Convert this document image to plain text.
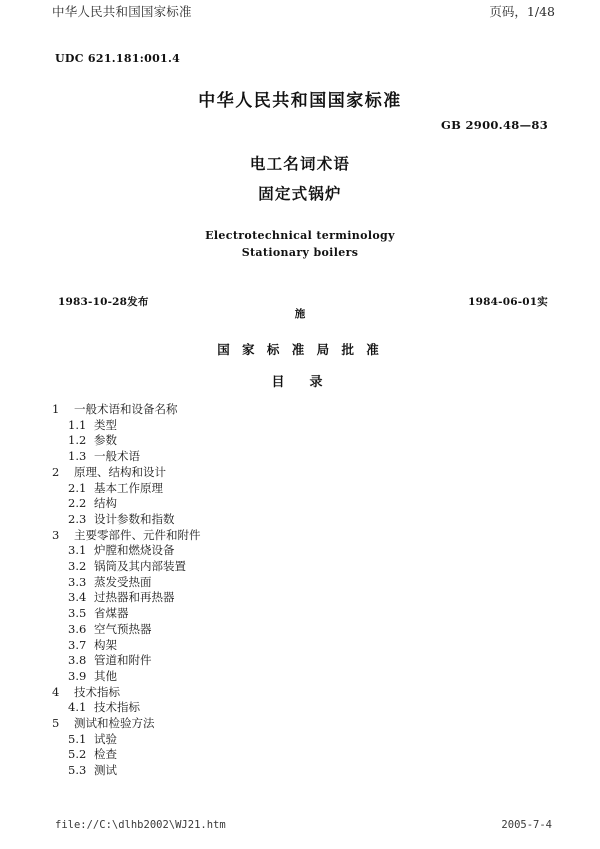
中华人民共和国国家标准	页码，1/48
UDC 621.181:001.4
中华人民共和国国家标准
GB 2900.48—83
电工名词术语
固定式锅炉
Electrotechnical terminology
Stationary boilers
1983-10-28发布	1984-06-01实
施
国 家 标 准 局 批 准
目　录
1 一般术语和设备名称
1.1 类型
1.2 参数
1.3 一般术语
2 原理、结构和设计
2.1 基本工作原理
2.2 结构
2.3 设计参数和指数
3 主要零部件、元件和附件
3.1 炉膛和燃烧设备
3.2 锅筒及其内部装置
3.3 蒸发受热面
3.4 过热器和再热器
3.5 省煤器
3.6 空气预热器
3.7 构架
3.8 管道和附件
3.9 其他
4 技术指标
4.1 技术指标
5 测试和检验方法
5.1 试验
5.2 检查
5.3 测试
file://C:\dlhb2002\WJ21.htm	2005-7-4
